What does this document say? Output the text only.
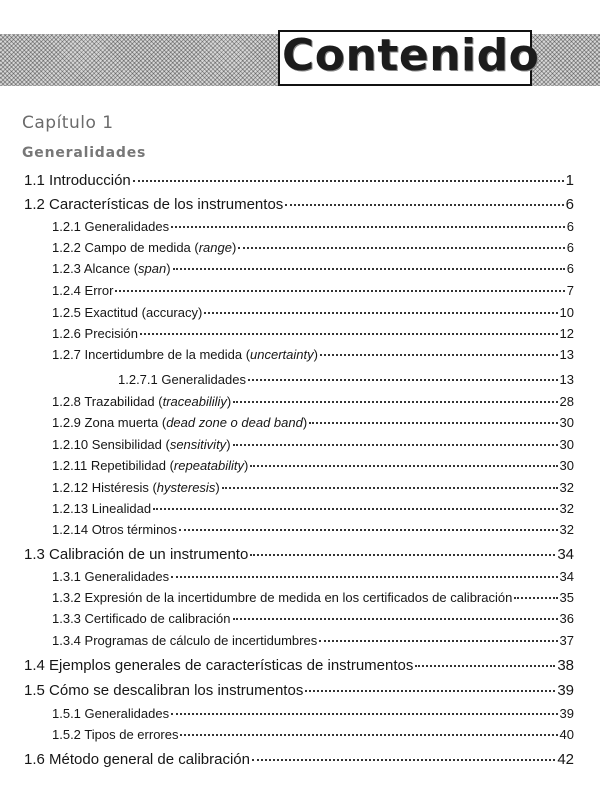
Contenido
Capítulo 1
Generalidades
1.1 Introducción	1
1.2 Características de los instrumentos	6
1.2.1 Generalidades	6
1.2.2 Campo de medida (range)	6
1.2.3 Alcance (span)	6
1.2.4 Error	7
1.2.5 Exactitud (accuracy)	10
1.2.6 Precisión	12
1.2.7 Incertidumbre de la medida (uncertainty)	13
1.2.7.1 Generalidades	13
1.2.8 Trazabilidad (traceabililiy)	28
1.2.9 Zona muerta (dead zone o dead band)	30
1.2.10 Sensibilidad (sensitivity)	30
1.2.11 Repetibilidad (repeatability)	30
1.2.12 Histéresis (hysteresis)	32
1.2.13 Linealidad	32
1.2.14 Otros términos	32
1.3 Calibración de un instrumento	34
1.3.1 Generalidades	34
1.3.2 Expresión de la incertidumbre de medida en los certificados de calibración	35
1.3.3 Certificado de calibración	36
1.3.4 Programas de cálculo de incertidumbres	37
1.4 Ejemplos generales de características de instrumentos	38
1.5 Cómo se descalibran los instrumentos	39
1.5.1 Generalidades	39
1.5.2 Tipos de errores	40
1.6 Método general de calibración	42
